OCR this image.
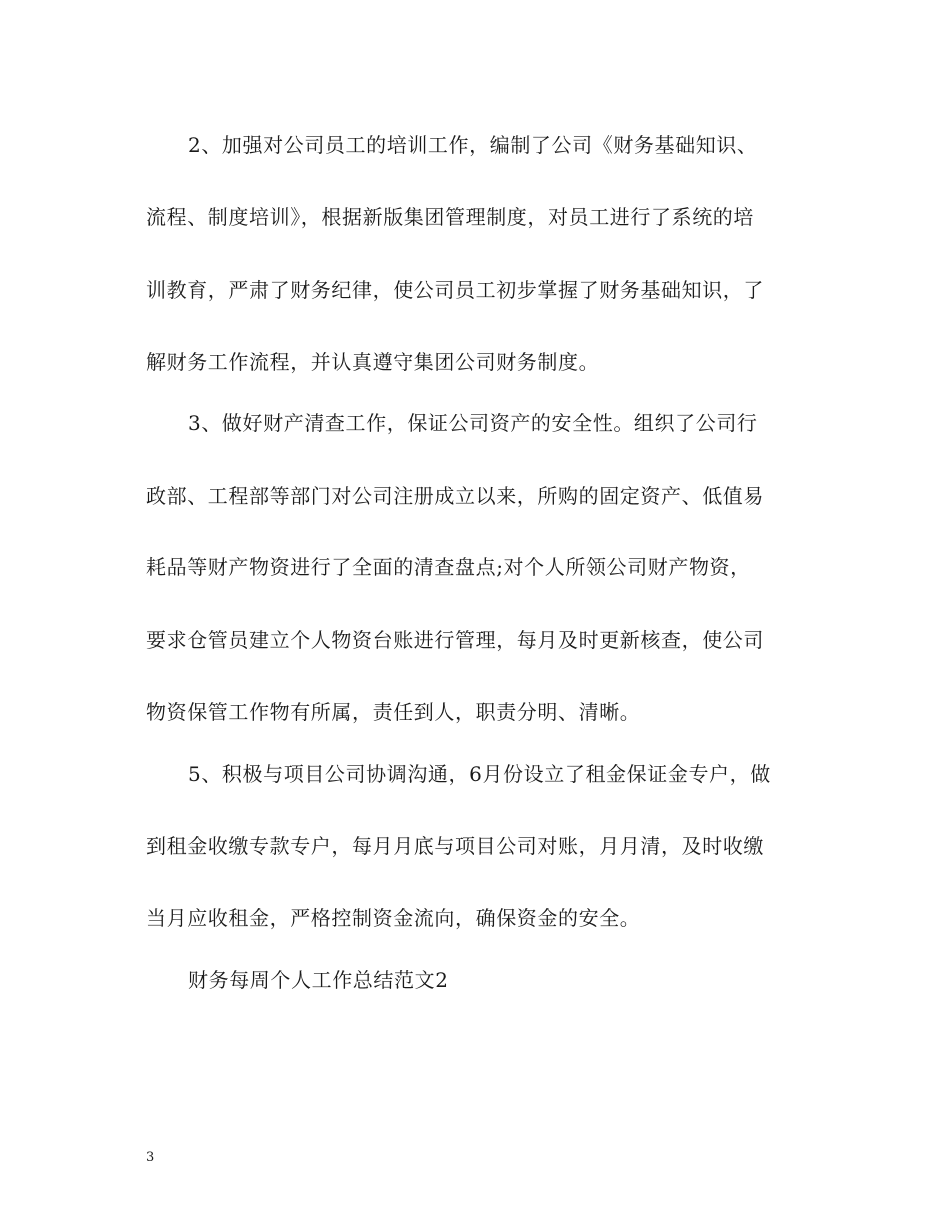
2、加强对公司员工的培训工作，编制了公司《财务基础知识、
流程、制度培训》，根据新版集团管理制度，对员工进行了系统的培
训教育，严肃了财务纪律，使公司员工初步掌握了财务基础知识，了
解财务工作流程，并认真遵守集团公司财务制度。
3、做好财产清查工作，保证公司资产的安全性。组织了公司行
政部、工程部等部门对公司注册成立以来，所购的固定资产、低值易
耗品等财产物资进行了全面的清查盘点;对个人所领公司财产物资，
要求仓管员建立个人物资台账进行管理，每月及时更新核查，使公司
物资保管工作物有所属，责任到人，职责分明、清晰。
5、积极与项目公司协调沟通，6月份设立了租金保证金专户，做
到租金收缴专款专户，每月月底与项目公司对账，月月清，及时收缴
当月应收租金，严格控制资金流向，确保资金的安全。
财务每周个人工作总结范文2
3
